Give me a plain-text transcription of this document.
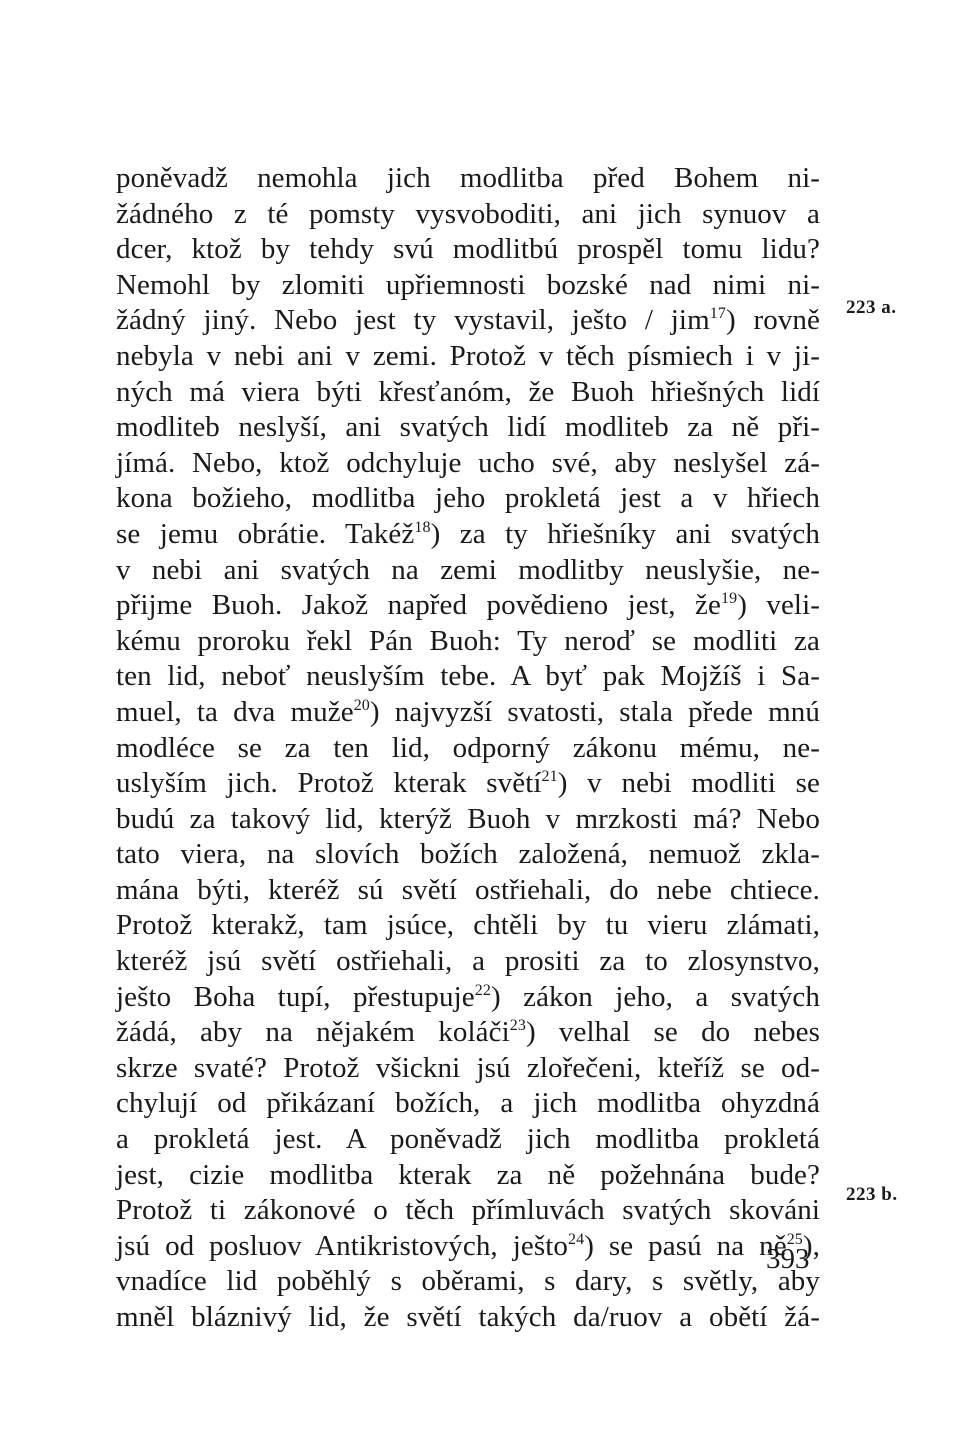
poněvadž nemohla jich modlitba před Bohem ni-
žádného z té pomsty vysvoboditi, ani jich synuov a
dcer, ktož by tehdy svú modlitbú prospěl tomu lidu?
Nemohl by zlomiti upřiemnosti bozské nad nimi ni-
žádný jiný. Nebo jest ty vystavil, ješto / jim$^{17}$) rovně
nebyla v nebi ani v zemi. Protož v těch písmiech i v ji-
ných má viera býti křesťanóm, že Buoh hřiešných lidí
modliteb neslyší, ani svatých lidí modliteb za ně při-
jímá. Nebo, ktož odchyluje ucho své, aby neslyšel zá-
kona božieho, modlitba jeho prokletá jest a v hřiech
se jemu obrátie. Takéž$^{18}$) za ty hřiešníky ani svatých
v nebi ani svatých na zemi modlitby neuslyšie, ne-
přijme Buoh. Jakož napřed povědieno jest, $že^{19}$) veli-
kému proroku řekl Pán Buoh: Ty neroď se modliti za
ten lid, neboť neuslyším tebe. A byť pak Mojžíš i Sa-
muel, ta dva muže$^{20}$) najvyzší svatosti, stala přede mnú
modléce se za ten lid, odporný zákonu mému, ne-
uslyším jich. Protož kterak světí$^{21}$) v nebi modliti se
budú za takový lid, kterýž Buoh v mrzkosti má? Nebo
tato viera, na slovích božích založená, nemuož zkla-
mána býti, kteréž sú světí ostřiehali, do nebe chtiece.
Protož kterakž, tam jsúce, chtěli by tu vieru zlámati,
kteréž jsú světí ostřiehali, a prositi za to zlosynstvo,
ješto Boha tupí, přestupuje$^{22}$) zákon jeho, a svatých
žádá, aby na nějakém koláči$^{23}$) velhal se do nebes
skrze svaté? Protož všickni jsú zlořečeni, kteříž se od-
chylují od přikázaní božích, a jich modlitba ohyzdná
a prokletá jest. A poněvadž jich modlitba prokletá
jest, cizie modlitba kterak za ně požehnána bude?
Protož ti zákonové o těch přímluvách svatých skováni
jsú od posluov Antikristových, ješto$^{24}$) se pasú na $ně^{25}$),
vnadíce lid poběhlý s oběrami, s dary, s světly, aby
mněl bláznivý lid, že světí takých da/ruov a obětí žá-
223 a.
223 b.
393
